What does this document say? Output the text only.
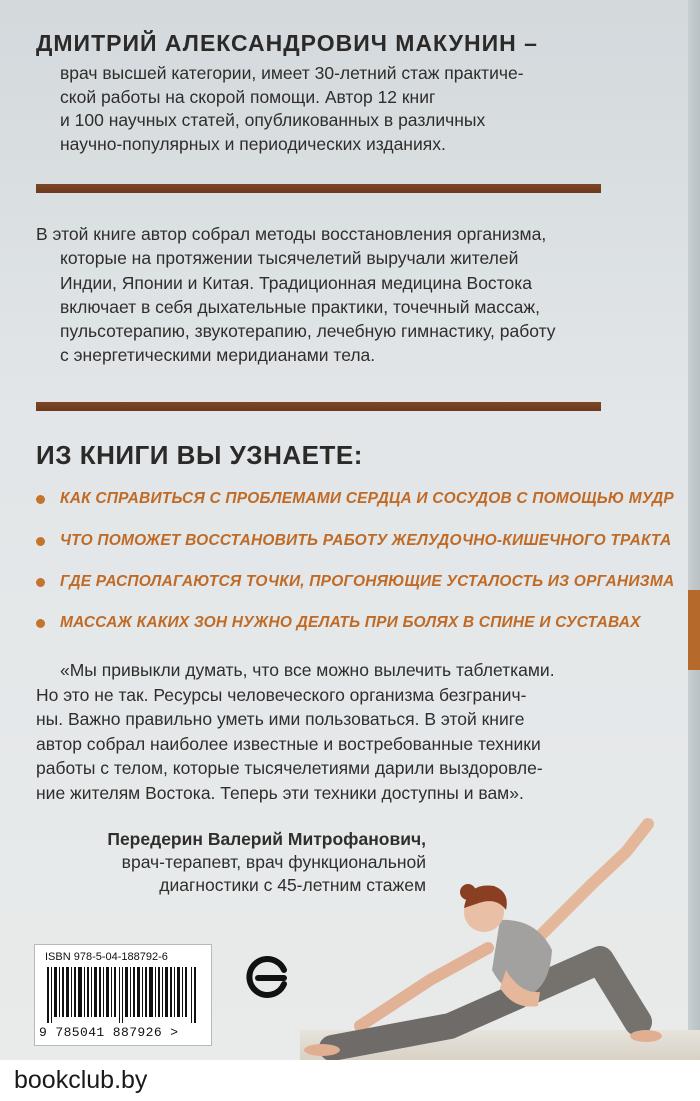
ДМИТРИЙ АЛЕКСАНДРОВИЧ МАКУНИН –
врач высшей категории, имеет 30-летний стаж практиче-
ской работы на скорой помощи. Автор 12 книг
и 100 научных статей, опубликованных в различных
научно-популярных и периодических изданиях.
В этой книге автор собрал методы восстановления организма,
которые на протяжении тысячелетий выручали жителей
Индии, Японии и Китая. Традиционная медицина Востока
включает в себя дыхательные практики, точечный массаж,
пульсотерапию, звукотерапию, лечебную гимнастику, работу
с энергетическими меридианами тела.
ИЗ КНИГИ ВЫ УЗНАЕТЕ:
КАК СПРАВИТЬСЯ С ПРОБЛЕМАМИ СЕРДЦА И СОСУДОВ С ПОМОЩЬЮ МУДР
ЧТО ПОМОЖЕТ ВОССТАНОВИТЬ РАБОТУ ЖЕЛУДОЧНО-КИШЕЧНОГО ТРАКТА
ГДЕ РАСПОЛАГАЮТСЯ ТОЧКИ, ПРОГОНЯЮЩИЕ УСТАЛОСТЬ ИЗ ОРГАНИЗМА
МАССАЖ КАКИХ ЗОН НУЖНО ДЕЛАТЬ ПРИ БОЛЯХ В СПИНЕ И СУСТАВАХ
«Мы привыкли думать, что все можно вылечить таблетками.
Но это не так. Ресурсы человеческого организма безгранич-
ны. Важно правильно уметь ими пользоваться. В этой книге
автор собрал наиболее известные и востребованные техники
работы с телом, которые тысячелетиями дарили выздоровле-
ние жителям Востока. Теперь эти техники доступны и вам».
Передерин Валерий Митрофанович,
врач-терапевт, врач функциональной
диагностики с 45-летним стажем
ISBN 978-5-04-188792-6
9 785041 887926 >
bookclub.by
